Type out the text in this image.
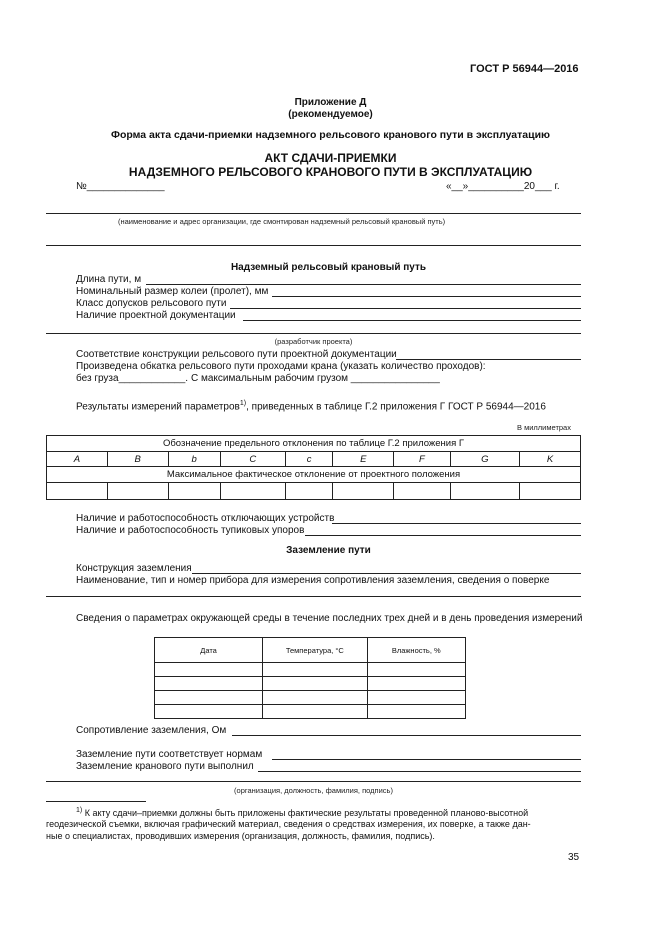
ГОСТ Р 56944—2016
Приложение Д
(рекомендуемое)
Форма акта сдачи-приемки надземного рельсового кранового пути в эксплуатацию
АКТ СДАЧИ-ПРИЕМКИ
НАДЗЕМНОГО РЕЛЬСОВОГО КРАНОВОГО ПУТИ В ЭКСПЛУАТАЦИЮ
№______________	«__»__________20___ г.
(наименование и адрес организации, где смонтирован надземный рельсовый крановый путь)
Надземный рельсовый крановый путь
Длина пути, м
Номинальный размер колеи (пролет), мм
Класс допусков рельсового пути
Наличие проектной документации
(разработчик проекта)
Соответствие конструкции рельсового пути проектной документации
Произведена обкатка рельсового пути проходами крана (указать количество проходов):
без груза____________. С максимальным рабочим грузом ________________
Результаты измерений параметров$^{1)}$, приведенных в таблице Г.2 приложения Г ГОСТ Р 56944—2016
В миллиметрах
Обозначение предельного отклонения по таблице Г.2 приложения Г								
A	B	b	C	c	E	F	G	K
Максимальное фактическое отклонение от проектного положения								

Наличие и работоспособность отключающих устройств
Наличие и работоспособность тупиковых упоров
Заземление пути
Конструкция заземления
Наименование, тип и номер прибора для измерения сопротивления заземления, сведения о поверке
Сведения о параметрах окружающей среды в течение последних трех дней и в день проведения измерений
Дата	Температура, °С	Влажность, %

Сопротивление заземления, Ом
Заземление пути соответствует нормам
Заземление кранового пути выполнил
(организация, должность, фамилия, подпись)
$^{1)}$ К акту сдачи–приемки должны быть приложены фактические результаты проведенной планово-высотной
геодезической съемки, включая графический материал, сведения о средствах измерения, их поверке, а также дан-
ные о специалистах, проводивших измерения (организация, должность, фамилия, подпись).
35
